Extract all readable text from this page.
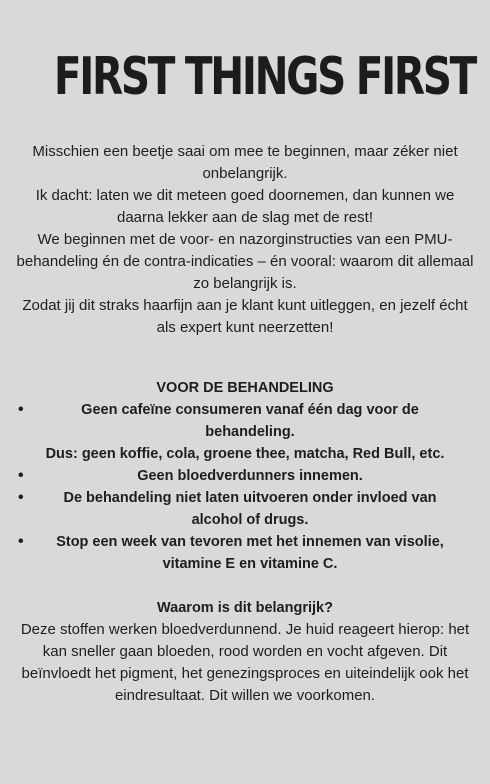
FIRST THINGS FIRST

Misschien een beetje saai om mee te beginnen, maar zéker niet onbelangrijk.

Ik dacht: laten we dit meteen goed doornemen, dan kunnen we daarna lekker aan de slag met de rest!

We beginnen met de voor- en nazorginstructies van een PMU-behandeling én de contra-indicaties – én vooral: waarom dit allemaal zo belangrijk is.

Zodat jij dit straks haarfijn aan je klant kunt uitleggen, en jezelf écht als expert kunt neerzetten!

VOOR DE BEHANDELING
•	Geen cafeïne consumeren vanaf één dag voor de behandeling.
Dus: geen koffie, cola, groene thee, matcha, Red Bull, etc.
•	Geen bloedverdunners innemen.
•	De behandeling niet laten uitvoeren onder invloed van alcohol of drugs.
• Stop een week van tevoren met het innemen van visolie, vitamine E en vitamine C.
Waarom is dit belangrijk?

Deze stoffen werken bloedverdunnend. Je huid reageert hierop: het kan sneller gaan bloeden, rood worden en vocht afgeven. Dit beïnvloedt het pigment, het genezingsproces en uiteindelijk ook het eindresultaat. Dit willen we voorkomen.
